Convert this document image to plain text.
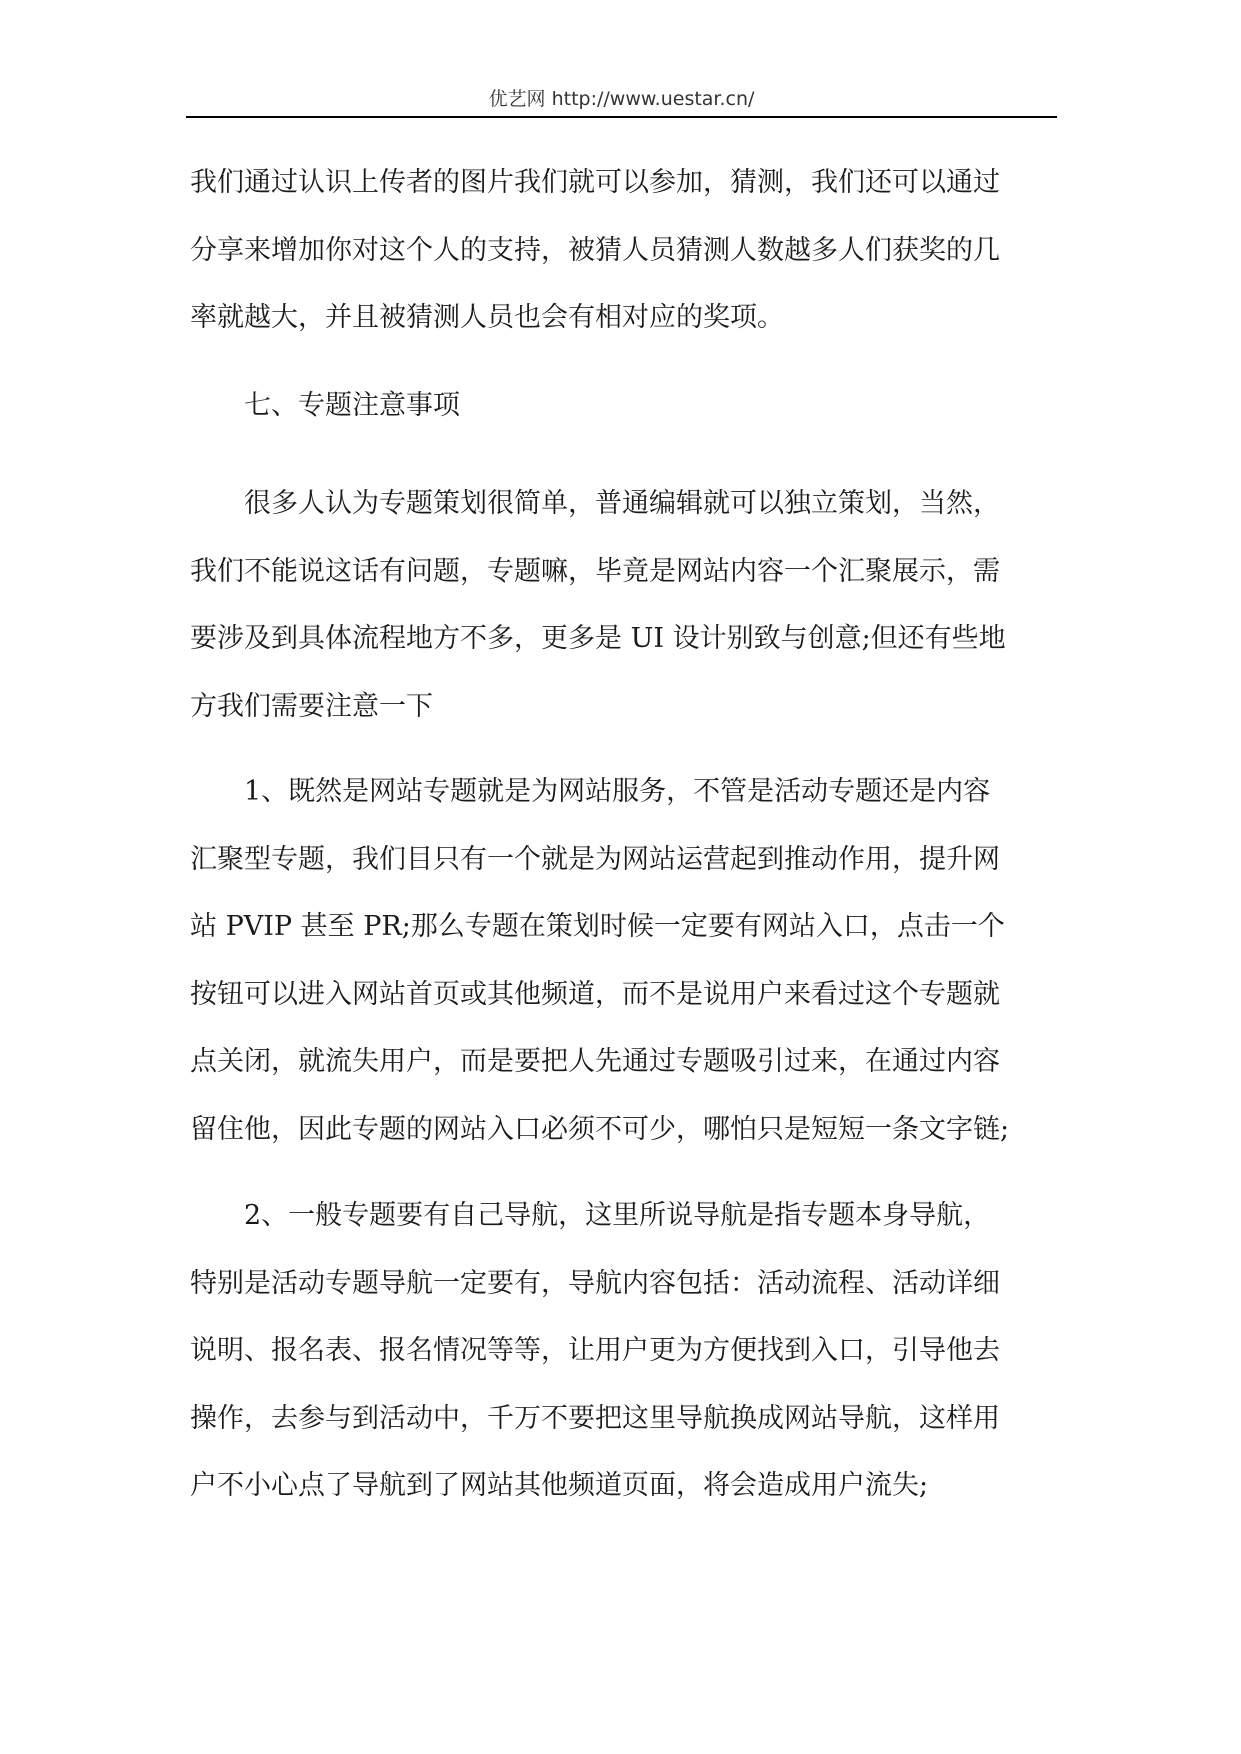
优艺网 http://www.uestar.cn/
我们通过认识上传者的图片我们就可以参加，猜测，我们还可以通过
分享来增加你对这个人的支持，被猜人员猜测人数越多人们获奖的几
率就越大，并且被猜测人员也会有相对应的奖项。
　　七、专题注意事项
　　很多人认为专题策划很简单，普通编辑就可以独立策划，当然，
我们不能说这话有问题，专题嘛，毕竟是网站内容一个汇聚展示，需
要涉及到具体流程地方不多，更多是 UI 设计别致与创意;但还有些地
方我们需要注意一下
　　1、既然是网站专题就是为网站服务，不管是活动专题还是内容
汇聚型专题，我们目只有一个就是为网站运营起到推动作用，提升网
站 PVIP 甚至 PR;那么专题在策划时候一定要有网站入口，点击一个
按钮可以进入网站首页或其他频道，而不是说用户来看过这个专题就
点关闭，就流失用户，而是要把人先通过专题吸引过来，在通过内容
留住他，因此专题的网站入口必须不可少，哪怕只是短短一条文字链;
　　2、一般专题要有自己导航，这里所说导航是指专题本身导航，
特别是活动专题导航一定要有，导航内容包括：活动流程、活动详细
说明、报名表、报名情况等等，让用户更为方便找到入口，引导他去
操作，去参与到活动中，千万不要把这里导航换成网站导航，这样用
户不小心点了导航到了网站其他频道页面，将会造成用户流失;
